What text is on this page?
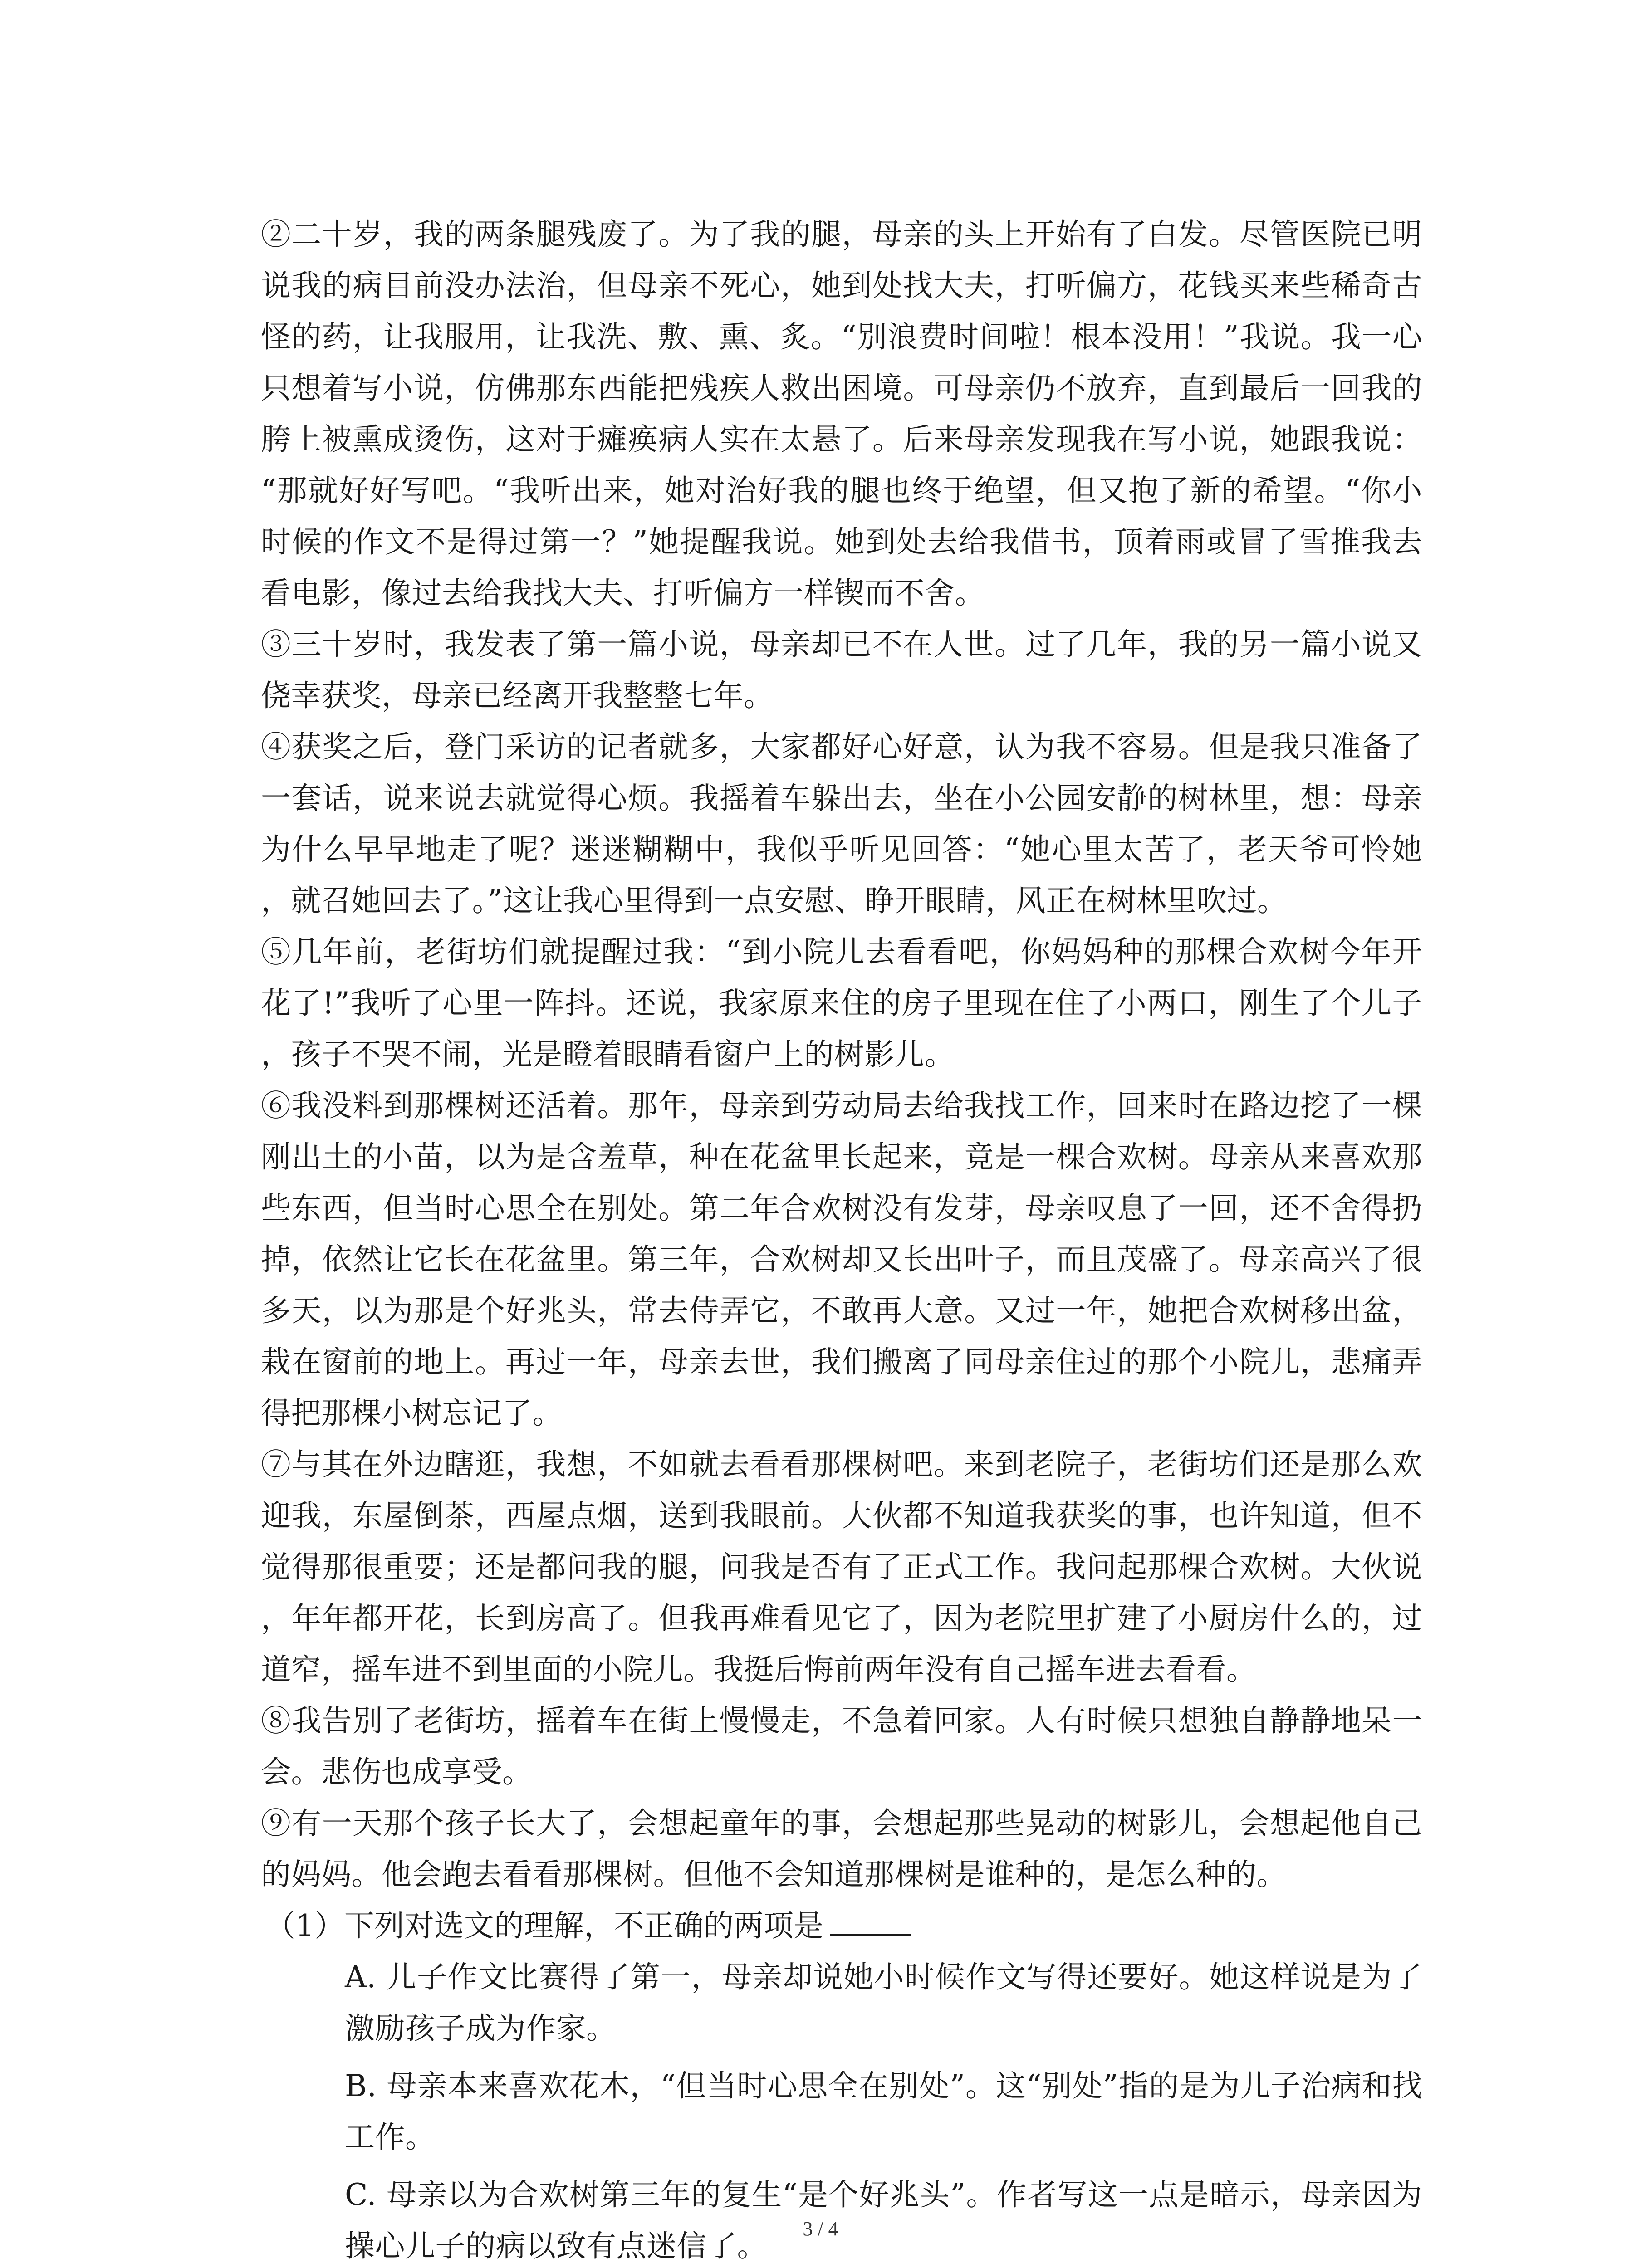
②二十岁，我的两条腿残废了。为了我的腿，母亲的头上开始有了白发。尽管医院已明说我的病目前没办法治，但母亲不死心，她到处找大夫，打听偏方，花钱买来些稀奇古怪的药，让我服用，让我洗、敷、熏、炙。“别浪费时间啦！根本没用！”我说。我一心只想着写小说，仿佛那东西能把残疾人救出困境。可母亲仍不放弃，直到最后一回我的胯上被熏成烫伤，这对于瘫痪病人实在太悬了。后来母亲发现我在写小说，她跟我说：“那就好好写吧。“我听出来，她对治好我的腿也终于绝望，但又抱了新的希望。“你小时候的作文不是得过第一？”她提醒我说。她到处去给我借书，顶着雨或冒了雪推我去看电影，像过去给我找大夫、打听偏方一样锲而不舍。

③三十岁时，我发表了第一篇小说，母亲却已不在人世。过了几年，我的另一篇小说又侥幸获奖，母亲已经离开我整整七年。

④获奖之后，登门采访的记者就多，大家都好心好意，认为我不容易。但是我只准备了一套话，说来说去就觉得心烦。我摇着车躲出去，坐在小公园安静的树林里，想：母亲为什么早早地走了呢？迷迷糊糊中，我似乎听见回答：“她心里太苦了，老天爷可怜她，就召她回去了。”这让我心里得到一点安慰、睁开眼睛，风正在树林里吹过。

⑤几年前，老街坊们就提醒过我：“到小院儿去看看吧，你妈妈种的那棵合欢树今年开花了!”我听了心里一阵抖。还说，我家原来住的房子里现在住了小两口，刚生了个儿子，孩子不哭不闹，光是瞪着眼睛看窗户上的树影儿。

⑥我没料到那棵树还活着。那年，母亲到劳动局去给我找工作，回来时在路边挖了一棵刚出土的小苗，以为是含羞草，种在花盆里长起来，竟是一棵合欢树。母亲从来喜欢那些东西，但当时心思全在别处。第二年合欢树没有发芽，母亲叹息了一回，还不舍得扔掉，依然让它长在花盆里。第三年，合欢树却又长出叶子，而且茂盛了。母亲高兴了很多天，以为那是个好兆头，常去侍弄它，不敢再大意。又过一年，她把合欢树移出盆，栽在窗前的地上。再过一年，母亲去世，我们搬离了同母亲住过的那个小院儿，悲痛弄得把那棵小树忘记了。

⑦与其在外边瞎逛，我想，不如就去看看那棵树吧。来到老院子，老街坊们还是那么欢迎我，东屋倒茶，西屋点烟，送到我眼前。大伙都不知道我获奖的事，也许知道，但不觉得那很重要；还是都问我的腿，问我是否有了正式工作。我问起那棵合欢树。大伙说，年年都开花，长到房高了。但我再难看见它了，因为老院里扩建了小厨房什么的，过道窄，摇车进不到里面的小院儿。我挺后悔前两年没有自己摇车进去看看。

⑧我告别了老街坊，摇着车在街上慢慢走，不急着回家。人有时候只想独自静静地呆一会。悲伤也成享受。

⑨有一天那个孩子长大了，会想起童年的事，会想起那些晃动的树影儿，会想起他自己的妈妈。他会跑去看看那棵树。但他不会知道那棵树是谁种的，是怎么种的。

（1）下列对选文的理解，不正确的两项是

A. 儿子作文比赛得了第一，母亲却说她小时候作文写得还要好。她这样说是为了激励孩子成为作家。

B. 母亲本来喜欢花木，“但当时心思全在别处”。这“别处”指的是为儿子治病和找工作。

C. 母亲以为合欢树第三年的复生“是个好兆头”。作者写这一点是暗示，母亲因为操心儿子的病以致有点迷信了。	3 / 4
